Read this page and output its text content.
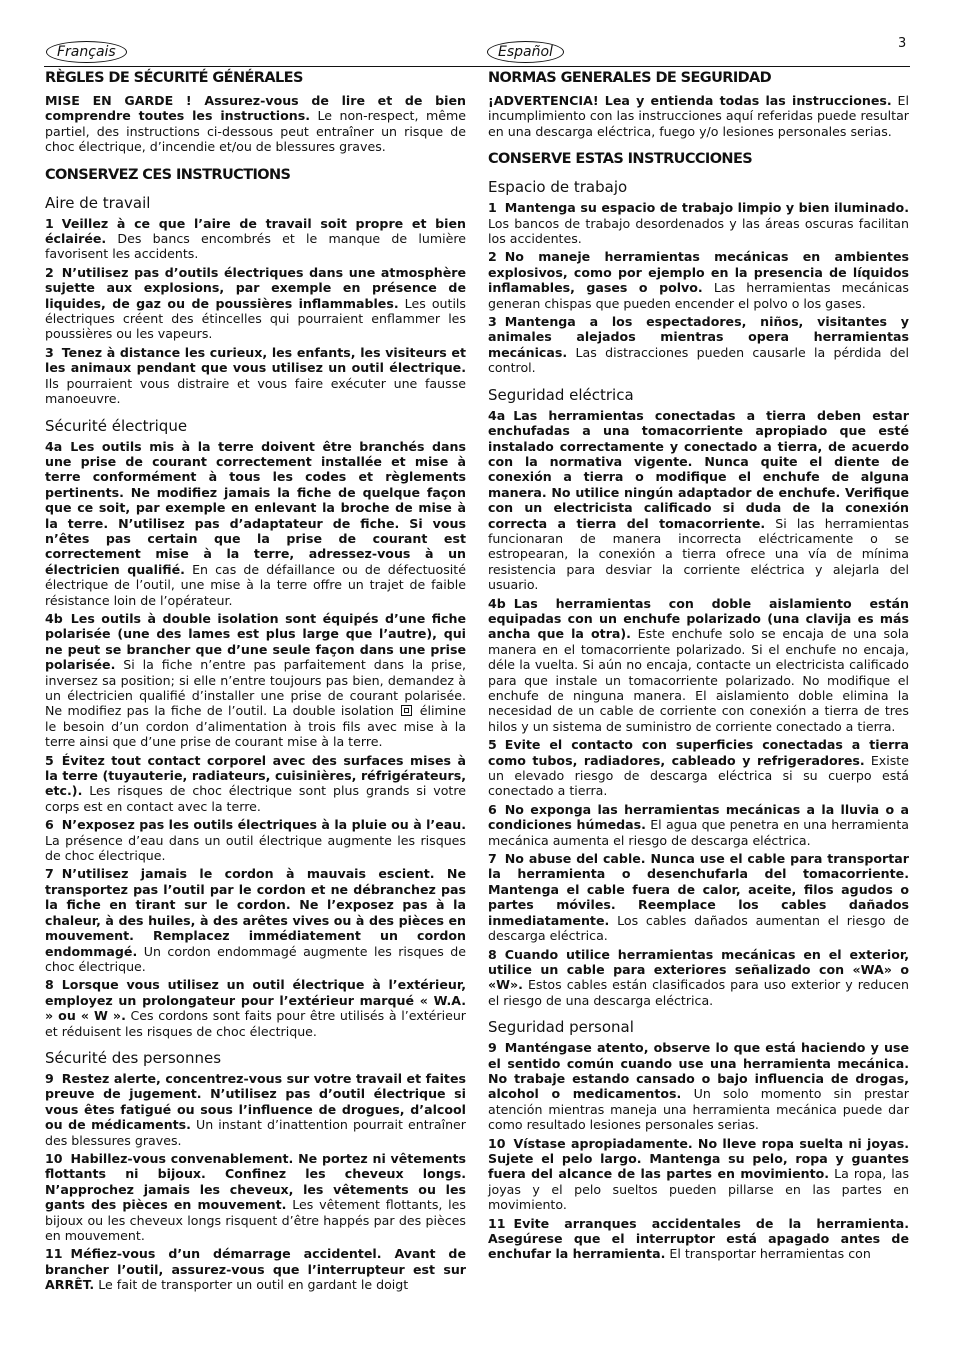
3
Français	Español
RÈGLES DE SÉCURITÉ GÉNÉRALES

MISE EN GARDE ! Assurez-vous de lire et de bien comprendre toutes les instructions. Le non-respect, même partiel, des instructions ci-dessous peut entraîner un risque de choc électrique, d’incendie et/ou de blessures graves.

CONSERVEZ CES INSTRUCTIONS
Aire de travail

1 Veillez à ce que l’aire de travail soit propre et bien éclairée. Des bancs encombrés et le manque de lumière favorisent les accidents.

2 N’utilisez pas d’outils électriques dans une atmosphère sujette aux explosions, par exemple en présence de liquides, de gaz ou de poussières inflammables. Les outils électriques créent des étincelles qui pourraient enflammer les poussières ou les vapeurs.

3 Tenez à distance les curieux, les enfants, les visiteurs et les animaux pendant que vous utilisez un outil électrique. Ils pourraient vous distraire et vous faire exécuter une fausse manoeuvre.

Sécurité électrique

4a Les outils mis à la terre doivent être branchés dans une prise de courant correctement installée et mise à terre conformément à tous les codes et règlements pertinents. Ne modifiez jamais la fiche de quelque façon que ce soit, par exemple en enlevant la broche de mise à la terre. N’utilisez pas d’adaptateur de fiche. Si vous n’êtes pas certain que la prise de courant est correctement mise à la terre, adressez-vous à un électricien qualifié. En cas de défaillance ou de défectuosité électrique de l’outil, une mise à la terre offre un trajet de faible résistance loin de l’opérateur.

4b Les outils à double isolation sont équipés d’une fiche polarisée (une des lames est plus large que l’autre), qui ne peut se brancher que d’une seule façon dans une prise polarisée. Si la fiche n’entre pas parfaitement dans la prise, inversez sa position; si elle n’entre toujours pas bien, demandez à un électricien qualifié d’installer une prise de courant polarisée. Ne modifiez pas la fiche de l’outil. La double isolation  élimine le besoin d’un cordon d’alimentation à trois fils avec mise à la terre ainsi que d’une prise de courant mise à la terre.

5 Évitez tout contact corporel avec des surfaces mises à la terre (tuyauterie, radiateurs, cuisinières, réfrigérateurs, etc.). Les risques de choc électrique sont plus grands si votre corps est en contact avec la terre.

6 N’exposez pas les outils électriques à la pluie ou à l’eau. La présence d’eau dans un outil électrique augmente les risques de choc électrique.

7 N’utilisez jamais le cordon à mauvais escient. Ne transportez pas l’outil par le cordon et ne débranchez pas la fiche en tirant sur le cordon. Ne l’exposez pas à la chaleur, à des huiles, à des arêtes vives ou à des pièces en mouvement. Remplacez immédiatement un cordon endommagé. Un cordon endommagé augmente les risques de choc électrique.

8 Lorsque vous utilisez un outil électrique à l’extérieur, employez un prolongateur pour l’extérieur marqué « W.A. » ou « W ». Ces cordons sont faits pour être utilisés à l’extérieur et réduisent les risques de choc électrique.

Sécurité des personnes

9 Restez alerte, concentrez-vous sur votre travail et faites preuve de jugement. N’utilisez pas d’outil électrique si vous êtes fatigué ou sous l’influence de drogues, d’alcool ou de médicaments. Un instant d’inattention pourrait entraîner des blessures graves.

10 Habillez-vous convenablement. Ne portez ni vêtements flottants ni bijoux. Confinez les cheveux longs. N’approchez jamais les cheveux, les vêtements ou les gants des pièces en mouvement. Les vêtement flottants, les bijoux ou les cheveux longs risquent d’être happés par des pièces en mouvement.

11 Méfiez-vous d’un démarrage accidentel. Avant de brancher l’outil, assurez-vous que l’interrupteur est sur ARRÊT. Le fait de transporter un outil en gardant le doigt

NORMAS GENERALES DE SEGURIDAD

¡ADVERTENCIA! Lea y entienda todas las instrucciones. El incumplimiento con las instrucciones aquí referidas puede resultar en una descarga eléctrica, fuego y/o lesiones personales serias.

CONSERVE ESTAS INSTRUCCIONES
Espacio de trabajo

1 Mantenga su espacio de trabajo limpio y bien iluminado. Los bancos de trabajo desordenados y las áreas oscuras facilitan los accidentes.

2 No maneje herramientas mecánicas en ambientes explosivos, como por ejemplo en la presencia de líquidos inflamables, gases o polvo. Las herramientas mecánicas generan chispas que pueden encender el polvo o los gases.

3 Mantenga a los espectadores, niños, visitantes y animales alejados mientras opera herramientas mecánicas. Las distracciones pueden causarle la pérdida del control.

Seguridad eléctrica

4a Las herramientas conectadas a tierra deben estar enchufadas a una tomacorriente apropiado que esté instalado correctamente y conectado a tierra, de acuerdo con la normativa vigente. Nunca quite el diente de conexión a tierra o modifique el enchufe de alguna manera. No utilice ningún adaptador de enchufe. Verifique con un electricista calificado si duda de la conexión correcta a tierra del tomacorriente. Si las herramientas funcionaran de manera incorrecta eléctricamente o se estropearan, la conexión a tierra ofrece una vía de mínima resistencia para desviar la corriente eléctrica y alejarla del usuario.

4b Las herramientas con doble aislamiento están equipadas con un enchufe polarizado (una clavija es más ancha que la otra). Este enchufe solo se encaja de una sola manera en el tomacorriente polarizado. Si el enchufe no encaja, déle la vuelta. Si aún no encaja, contacte un electricista calificado para que instale un tomacorriente polarizado. No modifique el enchufe de ninguna manera. El aislamiento doble elimina la necesidad de un cable de corriente con conexión a tierra de tres hilos y un sistema de suministro de corriente conectado a tierra.

5 Evite el contacto con superficies conectadas a tierra como tubos, radiadores, cableado y refrigeradores. Existe un elevado riesgo de descarga eléctrica si su cuerpo está conectado a tierra.

6 No exponga las herramientas mecánicas a la lluvia o a condiciones húmedas. El agua que penetra en una herramienta mecánica aumenta el riesgo de descarga eléctrica.

7 No abuse del cable. Nunca use el cable para transportar la herramienta o desenchufarla del tomacorriente. Mantenga el cable fuera de calor, aceite, filos agudos o partes móviles. Reemplace los cables dañados inmediatamente. Los cables dañados aumentan el riesgo de descarga eléctrica.

8 Cuando utilice herramientas mecánicas en el exterior, utilice un cable para exteriores señalizado con «WA» o «W». Estos cables están clasificados para uso exterior y reducen el riesgo de una descarga eléctrica.

Seguridad personal

9 Manténgase atento, observe lo que está haciendo y use el sentido común cuando use una herramienta mecánica. No trabaje estando cansado o bajo influencia de drogas, alcohol o medicamentos. Un solo momento sin prestar atención mientras maneja una herramienta mecánica puede dar como resultado lesiones personales serias.

10 Vístase apropiadamente. No lleve ropa suelta ni joyas. Sujete el pelo largo. Mantenga su pelo, ropa y guantes fuera del alcance de las partes en movimiento. La ropa, las joyas y el pelo sueltos pueden pillarse en las partes en movimiento.

11 Evite arranques accidentales de la herramienta. Asegúrese que el interruptor está apagado antes de enchufar la herramienta. El transportar herramientas con
